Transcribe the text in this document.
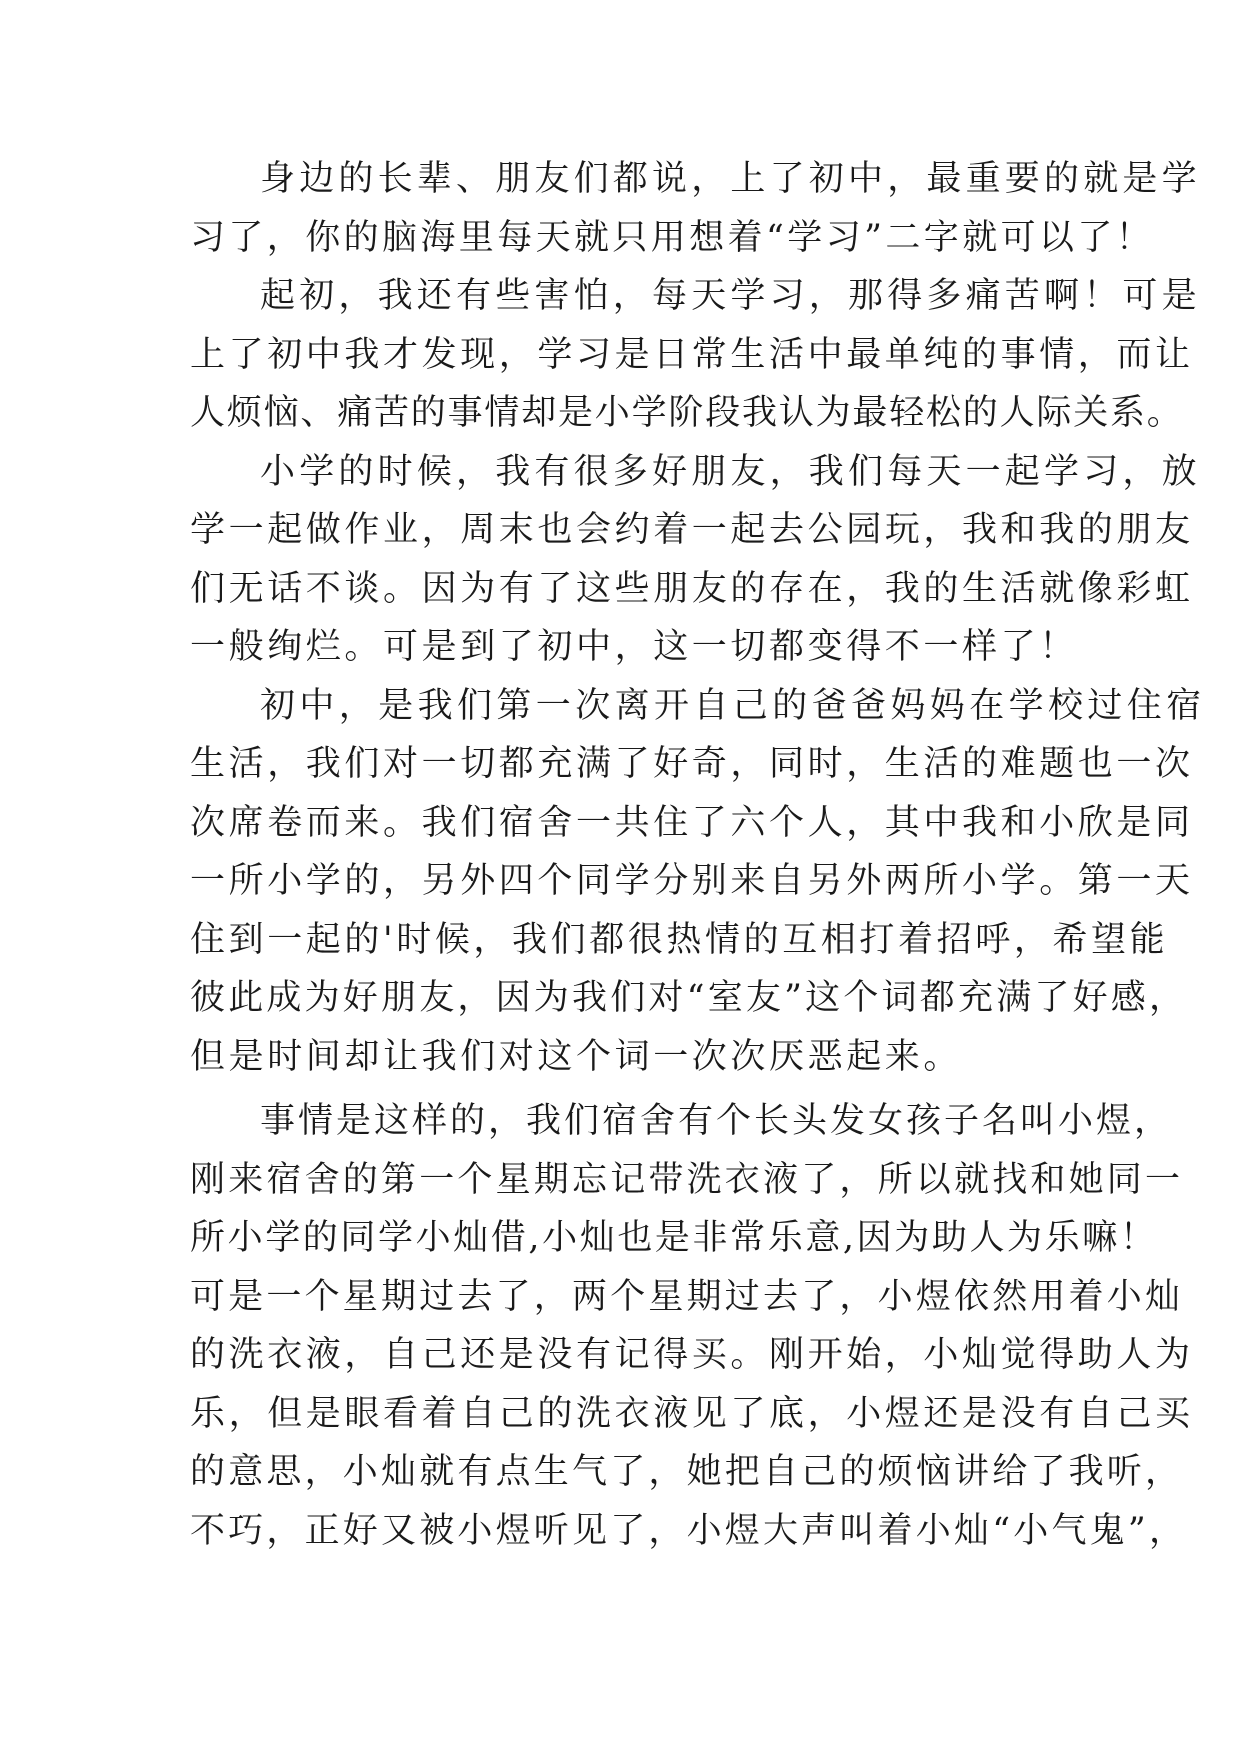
身边的长辈、朋友们都说，上了初中，最重要的就是学
习了，你的脑海里每天就只用想着“学习”二字就可以了！
起初，我还有些害怕，每天学习，那得多痛苦啊！可是
上了初中我才发现，学习是日常生活中最单纯的事情，而让
人烦恼、痛苦的事情却是小学阶段我认为最轻松的人际关系。
小学的时候，我有很多好朋友，我们每天一起学习，放
学一起做作业，周末也会约着一起去公园玩，我和我的朋友
们无话不谈。因为有了这些朋友的存在，我的生活就像彩虹
一般绚烂。可是到了初中，这一切都变得不一样了！
初中，是我们第一次离开自己的爸爸妈妈在学校过住宿
生活，我们对一切都充满了好奇，同时，生活的难题也一次
次席卷而来。我们宿舍一共住了六个人，其中我和小欣是同
一所小学的，另外四个同学分别来自另外两所小学。第一天
住到一起的'时候，我们都很热情的互相打着招呼，希望能
彼此成为好朋友，因为我们对“室友”这个词都充满了好感，
但是时间却让我们对这个词一次次厌恶起来。
事情是这样的，我们宿舍有个长头发女孩子名叫小煜，
刚来宿舍的第一个星期忘记带洗衣液了，所以就找和她同一
所小学的同学小灿借,小灿也是非常乐意,因为助人为乐嘛！
可是一个星期过去了，两个星期过去了，小煜依然用着小灿
的洗衣液，自己还是没有记得买。刚开始，小灿觉得助人为
乐，但是眼看着自己的洗衣液见了底，小煜还是没有自己买
的意思，小灿就有点生气了，她把自己的烦恼讲给了我听，
不巧，正好又被小煜听见了，小煜大声叫着小灿“小气鬼”，
